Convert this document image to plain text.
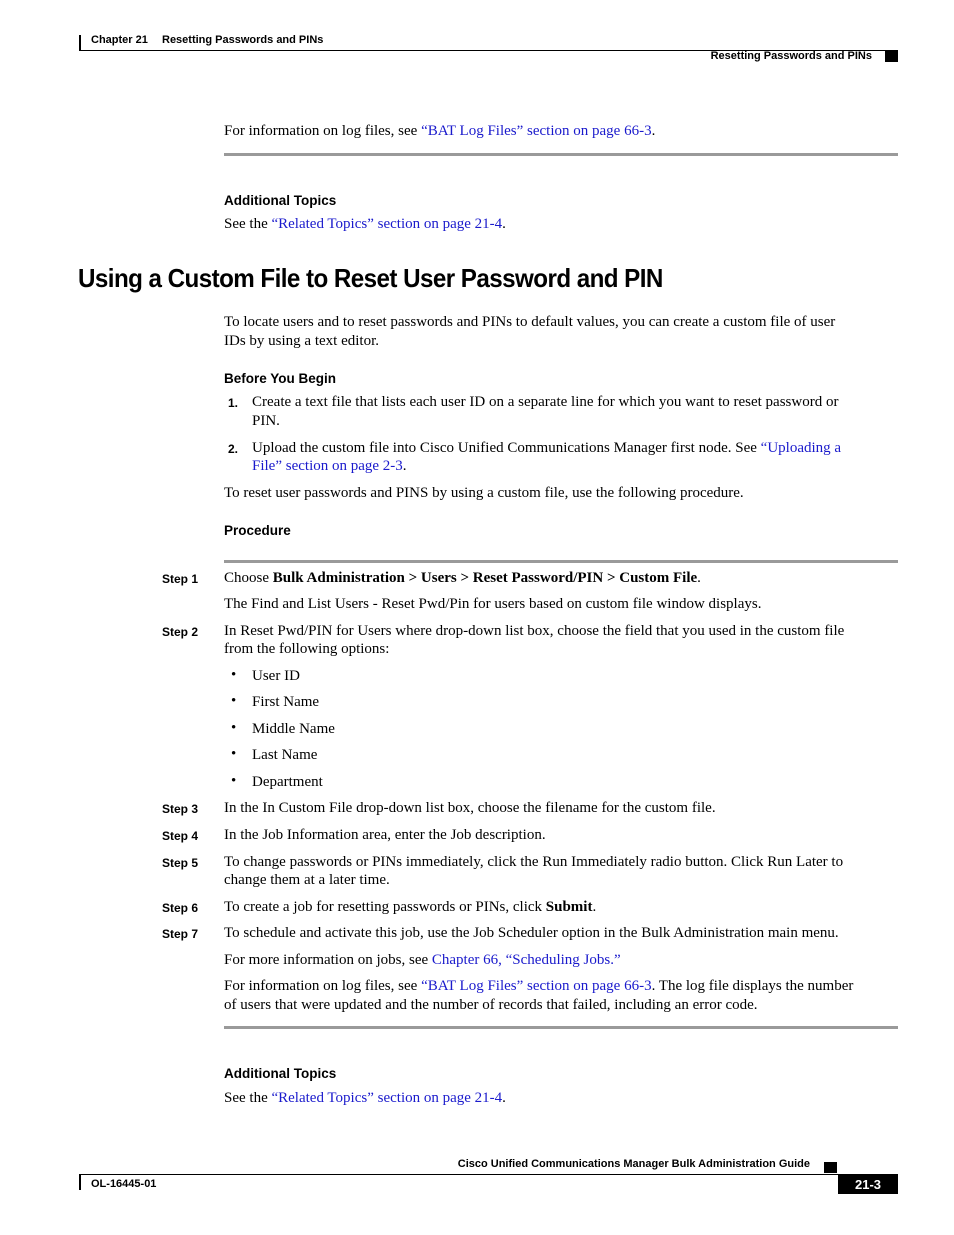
Chapter 21 Resetting Passwords and PINs
Resetting Passwords and PINs
For information on log files, see “BAT Log Files” section on page 66-3.
Additional Topics
See the “Related Topics” section on page 21-4.
Using a Custom File to Reset User Password and PIN
To locate users and to reset passwords and PINs to default values, you can create a custom file of user
IDs by using a text editor.
Before You Begin
1. Create a text file that lists each user ID on a separate line for which you want to reset password or
PIN.
2. Upload the custom file into Cisco Unified Communications Manager first node. See “Uploading a
File” section on page 2-3.
To reset user passwords and PINS by using a custom file, use the following procedure.
Procedure
Step 1 Choose Bulk Administration > Users > Reset Password/PIN > Custom File.
The Find and List Users - Reset Pwd/Pin for users based on custom file window displays.
Step 2 In Reset Pwd/PIN for Users where drop-down list box, choose the field that you used in the custom file
from the following options:
• User ID
• First Name
• Middle Name
• Last Name
• Department
Step 3 In the In Custom File drop-down list box, choose the filename for the custom file.
Step 4 In the Job Information area, enter the Job description.
Step 5 To change passwords or PINs immediately, click the Run Immediately radio button. Click Run Later to
change them at a later time.
Step 6 To create a job for resetting passwords or PINs, click Submit.
Step 7 To schedule and activate this job, use the Job Scheduler option in the Bulk Administration main menu.
For more information on jobs, see Chapter 66, “Scheduling Jobs.”
For information on log files, see “BAT Log Files” section on page 66-3. The log file displays the number
of users that were updated and the number of records that failed, including an error code.
Additional Topics
See the “Related Topics” section on page 21-4.
Cisco Unified Communications Manager Bulk Administration Guide
OL-16445-01	21-3
